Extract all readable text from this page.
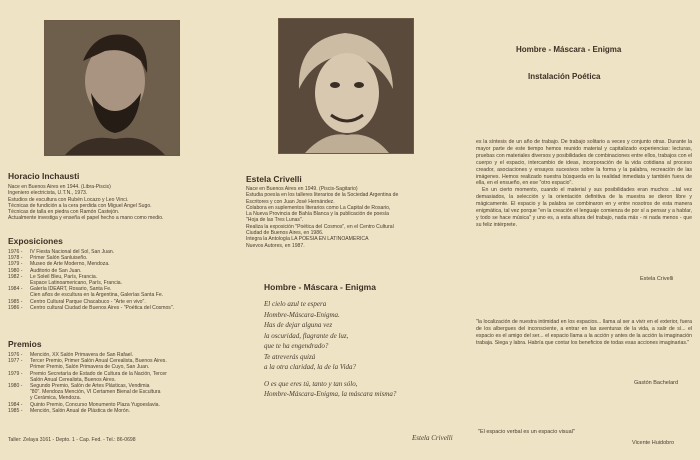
Horacio Inchausti
Nace en Buenos Aires en 1944. (Libra-Piscis)
Ingeniero electricista, U.T.N., 1973.
Estudios de escultura con Rubén Locazo y Leo Vinci.
Técnicas de fundición a la cera perdida con Miguel Angel Sugo.
Técnicas de talla en piedra con Ramón Castejón.
Actualmente investiga y enseña el papel hecho a mano como medio.
Exposiciones
1976 -	IV Fiesta Nacional del Sol, San Juan.
1978 -	Primer Salón Sanluiseño.
1979 -	Museo de Arte Moderno, Mendoza.
1980 -	Auditorio de San Juan.
1982 -	Le Soleil Bleu, París, Francia.
Espace Latinoamericano, París, Francia.
1984 -	Galería IDEART, Rosario, Santa Fe.
Cien años de escultura en la Argentina, Galerías Santa Fe.
1985 -	Centro Cultural Parque Chacabuco - "Arte en vivo".
1986 -	Centro cultural Ciudad de Buenos Aires - "Poética del Cosmos".
Premios
1976 -	Mención, XX Salón Primavera de San Rafael.
1977 -	Tercer Premio, Primer Salón Anual Cerealista, Buenos Aires.
Primer Premio, Salón Primavera de Cuyo, San Juan.
1979 -	Premio Secretaría de Estado de Cultura de la Nación, Tercer
Salón Anual Cerealista, Buenos Aires.
1980 -	Segundo Premio, Salón de Artes Plásticas, Vendimia
"80". Mendoza Mención, VI Certamen Bienal de Escultura
y Cerámica, Mendoza.
1984 -	Quinto Premio, Concurso Monumento Plaza Yugoeslavia.
1985 -	Mención, Salón Anual de Plástica de Morón.
Taller: Zelaya 3161 - Depto. 1 - Cap. Fed. - Tel.: 86-0698
Estela Crivelli
Nace en Buenos Aires en 1949. (Piscis-Sagitario)
Estudia poesía en los talleres literarios de la Sociedad Argentina de
Escritores y con Juan José Hernández.
Colabora en suplementos literarios como La Capital de Rosario,
La Nueva Provincia de Bahía Blanca y la publicación de poesía
"Hoja de las Tres Lunas".
Realiza la exposición "Poética del Cosmos", en el Centro Cultural
Ciudad de Buenos Aires, en 1986.
Integra la Antología LA POESIA EN LATINOAMERICA
Nuevos Autores, en 1987.
Hombre - Máscara - Enigma
El cielo azul te espera
Hombre-Máscara-Enigma.
Has de dejar alguna vez
la oscuridad, flagrante de luz,
que te ha engendrado?
Te atreverás quizá
a la otra claridad, la de la Vida?
O es que eres tú, tanto y tan sólo,
Hombre-Máscara-Enigma, la máscara misma?
Estela Crivelli
Hombre - Máscara - Enigma
Instalación Poética

es la síntesis de un año de trabajo. De trabajo solitario a veces y conjunto otras. Durante la mayor parte de este tiempo hemos reunido material y capitalizado experiencias: lecturas, pruebas con materiales diversos y posibilidades de combinaciones entre ellos, trabajos con el cuerpo y el espacio, intercambio de ideas, incorporación de la vida cotidiana al proceso creador, asociaciones y ensayos sucesivos sobre la forma y la palabra, recreación de las imágenes. Hemos realizado nuestra búsqueda en la realidad inmediata y también fuera de ella, en el ensueño, en ese "otro espacio".

En un cierto momento, cuando el material y sus posibilidades eran muchos ...tal vez demasiados, la selección y la orientación definitiva de la muestra se dieron libre y mágicamente. El espacio y la palabra se combinaron en y entre nosotros de esta manera enigmática, tal vez porque "en la creación el lenguaje comienza de por sí a pensar y a hablar, y todo se hace música" y uno es, a esta altura del trabajo, nada más - ni nada menos - que su feliz intérprete.

Estela Crivelli
"la localización de nuestra intimidad en los espacios... llama al ser a vivir en el exterior, fuera de los albergues del inconsciente, a entrar en las aventuras de la vida, a salir de sí... el espacio es el amigo del ser... el espacio llama a la acción y antes de la acción la imaginación trabaja. Siega y labra. Habría que contar los beneficios de todas esas acciones imaginarias."
Gastón Bachelard
"El espacio verbal es un espacio visual"
Vicente Huidobro
